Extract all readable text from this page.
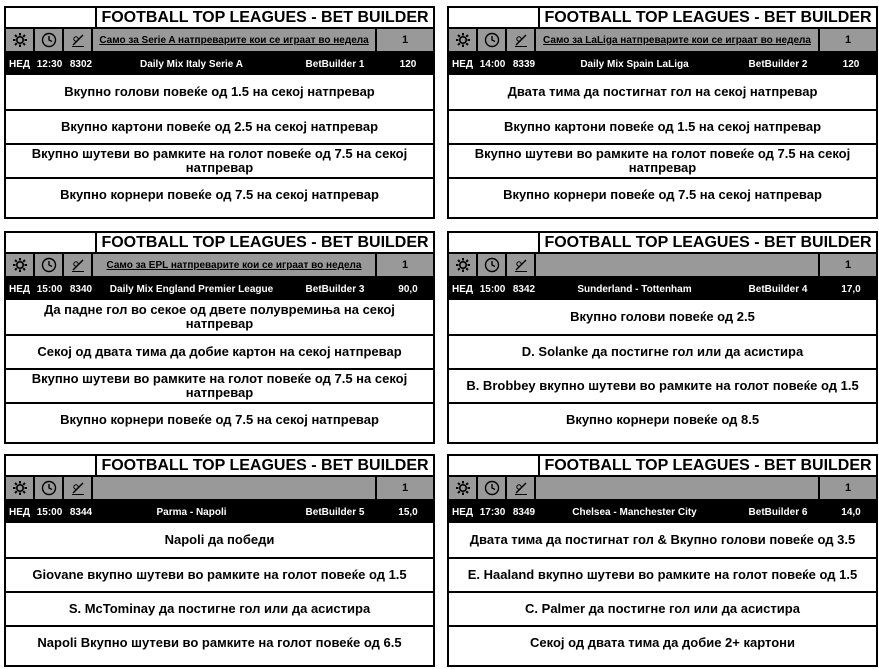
FOOTBALL TOP LEAGUES - BET BUILDER
Само за Serie A натпреварите кои се играат во недела	1
НЕД 12:30 8302	Daily Mix Italy Serie A	BetBuilder 1	120
Вкупно голови повеќе од 1.5 на секој натпревар
Вкупно картони повеќе од 2.5 на секој натпревар
Вкупно шутеви во рамките на голот повеќе од 7.5 на секој натпревар
Вкупно корнери повеќе од 7.5 на секој натпревар
FOOTBALL TOP LEAGUES - BET BUILDER
Само за LaLiga натпреварите кои се играат во недела	1
НЕД 14:00 8339	Daily Mix Spain LaLiga	BetBuilder 2	120
Двата тима да постигнат гол на секој натпревар
Вкупно картони повеќе од 1.5 на секој натпревар
Вкупно шутеви во рамките на голот повеќе од 7.5 на секој натпревар
Вкупно корнери повеќе од 7.5 на секој натпревар
FOOTBALL TOP LEAGUES - BET BUILDER
Само за EPL натпреварите кои се играат во недела	1
НЕД 15:00 8340	Daily Mix England Premier League	BetBuilder 3	90,0
Да падне гол во секое од двете полувремиња на секој натпревар
Секој од двата тима да добие картон на секој натпревар
Вкупно шутеви во рамките на голот повеќе од 7.5 на секој натпревар
Вкупно корнери повеќе од 7.5 на секој натпревар
FOOTBALL TOP LEAGUES - BET BUILDER
1
НЕД 15:00 8342	Sunderland - Tottenham	BetBuilder 4	17,0
Вкупно голови повеќе од 2.5
D. Solanke да постигне гол или да асистира
B. Brobbey вкупно шутеви во рамките на голот повеќе од 1.5
Вкупно корнери повеќе од 8.5
FOOTBALL TOP LEAGUES - BET BUILDER
1
НЕД 15:00 8344	Parma - Napoli	BetBuilder 5	15,0
Napoli да победи
Giovane вкупно шутеви во рамките на голот повеќе од 1.5
S. McTominay да постигне гол или да асистира
Napoli Вкупно шутеви во рамките на голот повеќе од 6.5
FOOTBALL TOP LEAGUES - BET BUILDER
1
НЕД 17:30 8349	Chelsea - Manchester City	BetBuilder 6	14,0
Двата тима да постигнат гол & Вкупно голови повеќе од 3.5
E. Haaland вкупно шутеви во рамките на голот повеќе од 1.5
C. Palmer да постигне гол или да асистира
Секој од двата тима да добие 2+ картони
